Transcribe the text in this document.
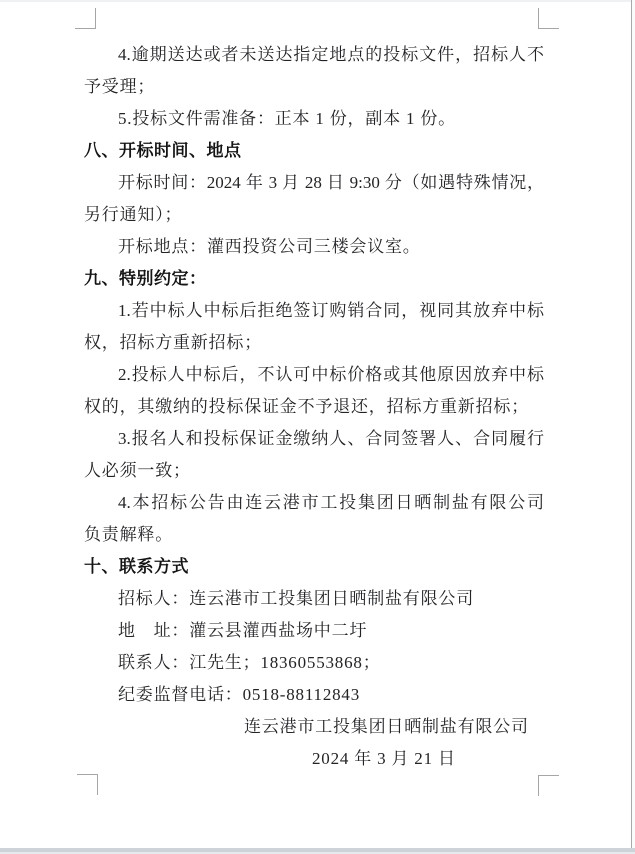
4.逾期送达或者未送达指定地点的投标文件，招标人不
予受理；
5.投标文件需准备：正本 1 份，副本 1 份。
八、开标时间、地点
开标时间：2024 年 3 月 28 日 9:30 分（如遇特殊情况，
另行通知）；
开标地点：灌西投资公司三楼会议室。
九、特别约定：
1.若中标人中标后拒绝签订购销合同，视同其放弃中标
权，招标方重新招标；
2.投标人中标后，不认可中标价格或其他原因放弃中标
权的，其缴纳的投标保证金不予退还，招标方重新招标；
3.报名人和投标保证金缴纳人、合同签署人、合同履行
人必须一致；
4.本招标公告由连云港市工投集团日晒制盐有限公司
负责解释。
十、联系方式
招标人：连云港市工投集团日晒制盐有限公司
地　址：灌云县灌西盐场中二圩
联系人：江先生；18360553868；
纪委监督电话：0518-88112843
连云港市工投集团日晒制盐有限公司
2024 年 3 月 21 日
